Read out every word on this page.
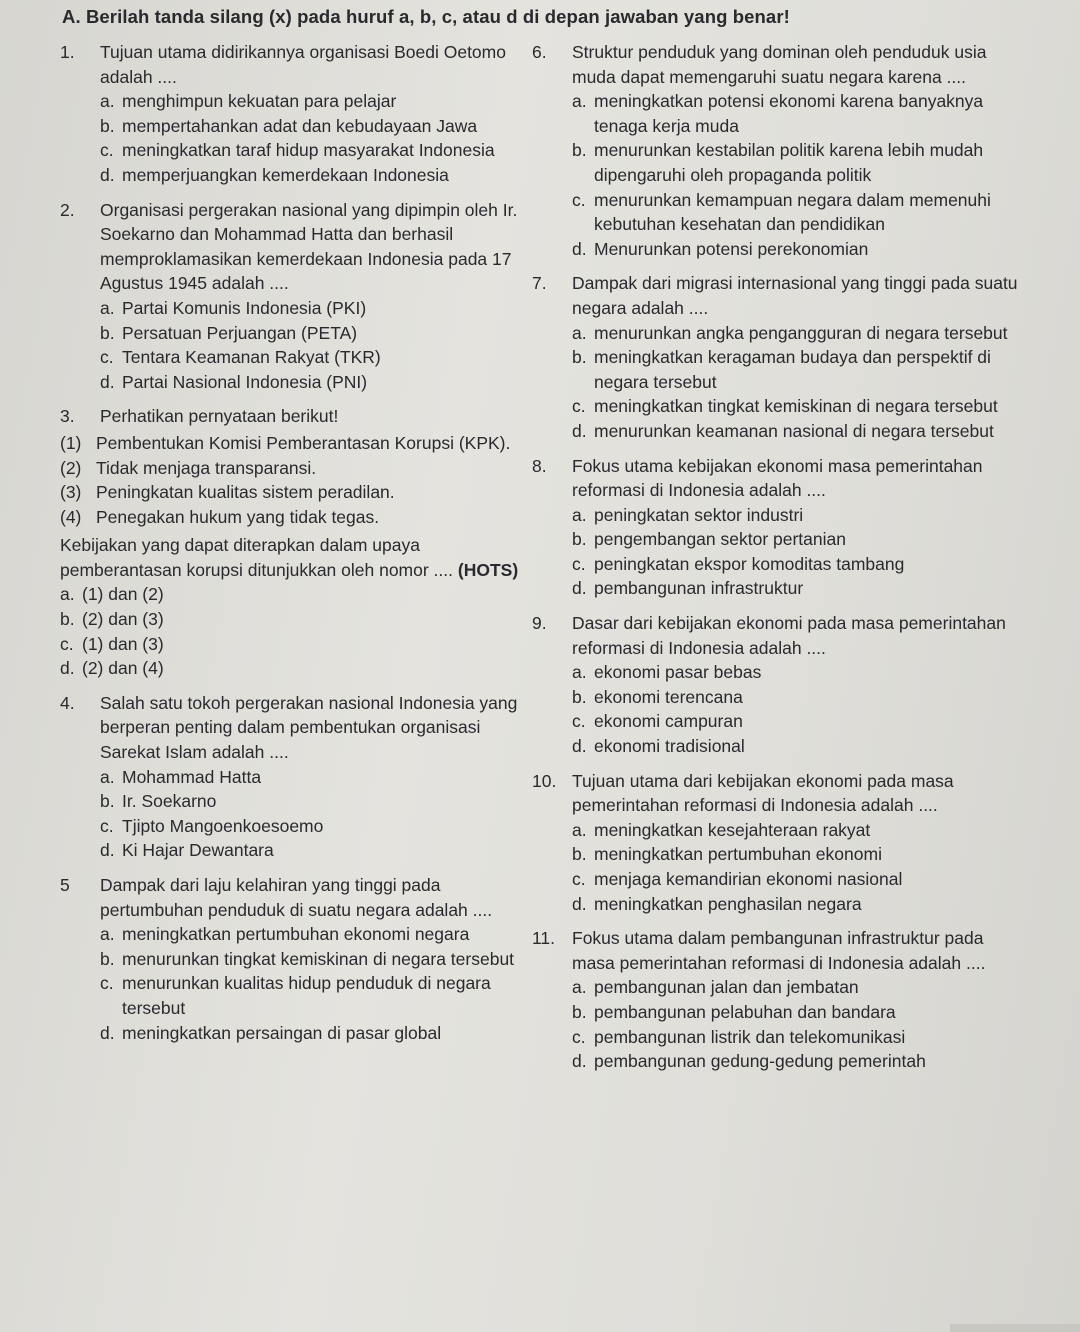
A. Berilah tanda silang (x) pada huruf a, b, c, atau d di depan jawaban yang benar!
1.	Tujuan utama didirikannya organisasi Boedi Oetomo adalah ....
a. menghimpun kekuatan para pelajar
b. mempertahankan adat dan kebudayaan Jawa
c. meningkatkan taraf hidup masyarakat Indonesia
d. memperjuangkan kemerdekaan Indonesia
2.	Organisasi pergerakan nasional yang dipimpin oleh Ir. Soekarno dan Mohammad Hatta dan berhasil memproklamasikan kemerdekaan Indonesia pada 17 Agustus 1945 adalah ....
a. Partai Komunis Indonesia (PKI)
b. Persatuan Perjuangan (PETA)
c. Tentara Keamanan Rakyat (TKR)
d. Partai Nasional Indonesia (PNI)
3.	Perhatikan pernyataan berikut!
(1) Pembentukan Komisi Pemberantasan Korupsi (KPK).
(2) Tidak menjaga transparansi.
(3) Peningkatan kualitas sistem peradilan.
(4) Penegakan hukum yang tidak tegas.
Kebijakan yang dapat diterapkan dalam upaya pemberantasan korupsi ditunjukkan oleh nomor .... (HOTS)
a. (1) dan (2)
b. (2) dan (3)
c. (1) dan (3)
d. (2) dan (4)
4.	Salah satu tokoh pergerakan nasional Indonesia yang berperan penting dalam pembentukan organisasi Sarekat Islam adalah ....
a. Mohammad Hatta
b. Ir. Soekarno
c. Tjipto Mangoenkoesoemo
d. Ki Hajar Dewantara
5	Dampak dari laju kelahiran yang tinggi pada pertumbuhan penduduk di suatu negara adalah ....
a. meningkatkan pertumbuhan ekonomi negara
b. menurunkan tingkat kemiskinan di negara tersebut
c. menurunkan kualitas hidup penduduk di negara tersebut
d. meningkatkan persaingan di pasar global
6.	Struktur penduduk yang dominan oleh penduduk usia muda dapat memengaruhi suatu negara karena ....
a. meningkatkan potensi ekonomi karena banyaknya tenaga kerja muda
b. menurunkan kestabilan politik karena lebih mudah dipengaruhi oleh propaganda politik
c. menurunkan kemampuan negara dalam memenuhi kebutuhan kesehatan dan pendidikan
d. Menurunkan potensi perekonomian
7.	Dampak dari migrasi internasional yang tinggi pada suatu negara adalah ....
a. menurunkan angka pengangguran di negara tersebut
b. meningkatkan keragaman budaya dan perspektif di negara tersebut
c. meningkatkan tingkat kemiskinan di negara tersebut
d. menurunkan keamanan nasional di negara tersebut
8.	Fokus utama kebijakan ekonomi masa pemerintahan reformasi di Indonesia adalah ....
a. peningkatan sektor industri
b. pengembangan sektor pertanian
c. peningkatan ekspor komoditas tambang
d. pembangunan infrastruktur
9.	Dasar dari kebijakan ekonomi pada masa pemerintahan reformasi di Indonesia adalah ....
a. ekonomi pasar bebas
b. ekonomi terencana
c. ekonomi campuran
d. ekonomi tradisional
10. Tujuan utama dari kebijakan ekonomi pada masa pemerintahan reformasi di Indonesia adalah ....
a. meningkatkan kesejahteraan rakyat
b. meningkatkan pertumbuhan ekonomi
c. menjaga kemandirian ekonomi nasional
d. meningkatkan penghasilan negara
11. Fokus utama dalam pembangunan infrastruktur pada masa pemerintahan reformasi di Indonesia adalah ....
a. pembangunan jalan dan jembatan
b. pembangunan pelabuhan dan bandara
c. pembangunan listrik dan telekomunikasi
d. pembangunan gedung-gedung pemerintah
